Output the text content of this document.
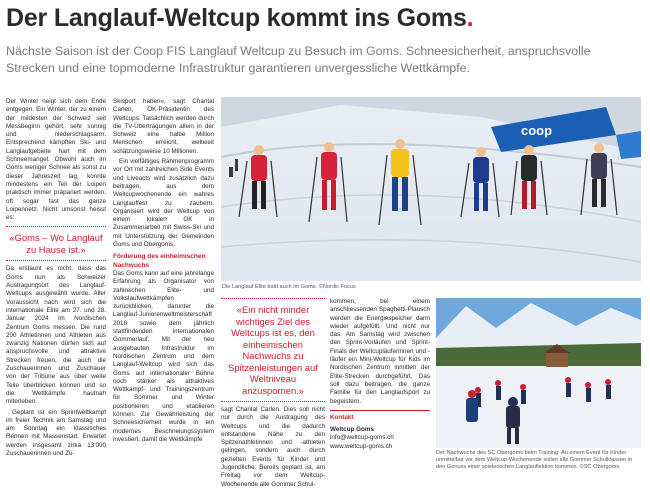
Der Langlauf-Weltcup kommt ins Goms.
Nächste Saison ist der Coop FIS Langlauf Weltcup zu Besuch im Goms. Schneesicherheit, anspruchsvolle Strecken und eine topmoderne Infrastruktur garantieren unvergessliche Wettkämpfe.

Der Winter neigt sich dem Ende entgegen. Ein Winter, der zu einem der mildesten der Schweiz seit Messbeginn gehört, sehr sonnig und niederschlagsarm. Entsprechend kämpften Ski- und Langlaufgebiete hart mit dem Schneemangel. Obwohl auch im Goms weniger Schnee als sonst zu dieser Jahreszeit lag, konnte mindestens ein Teil der Loipen praktisch immer präpariert werden, oft sogar fast das ganze Loipennetz. Nicht umsonst heisst es:

«Goms – Wo Langlauf zu Hause ist.»

Da erstaunt es nicht, dass das Goms nun als Schweizer Austragungsort des Langlauf-Weltcups ausgewählt wurde. Aller Voraussicht nach wird sich die internationale Elite am 27. und 28. Januar 2024 im Nordischen Zentrum Goms messen. Die rund 200 Athletinnen und Athleten aus zwanzig Nationen dürfen sich auf anspruchsvolle und attraktive Strecken freuen, die auch die Zuschauerinnen und Zuschauer von der Tribüne aus über weite Teile überblicken können und so die Wettkämpfe hautnah miterleben.

Geplant ist ein Sprintwettkampf im freier Technik am Samstag und am Sonntag ein klassisches Rennen mit Massenstart. Erwartet werden insgesamt zirka 13'000 Zuschauerinnen und Zu-

Skisport haben», sagt Chantal Carlen, OK-Präsidentin des Weltcups. Tatsächlich werden durch die TV-Übertragungen allein in der Schweiz eine halbe Million Menschen erreicht, weltweit schätzungsweise 10 Millionen.

Ein vielfältiges Rahmenprogramm vor Ort mit zahlreichen Side Events und Liveacts wird zusätzlich dazu beitragen, aus dem Weltcupwochenende ein wahres Langlauffest zu zaubern. Organisiert wird der Weltcup von einem lokalen OK in Zusammenarbeit mit Swiss-Ski und mit Unterstützung der Gemeinden Goms und Obergoms.

Förderung des einheimischen Nachwuchs

Das Goms kann auf eine jahrelange Erfahrung als Organisator von zahlreichen Elite- und Volkslaufwettkämpfen zurückblicken, darunter die Langlauf-Juniorenweltmeisterschaft 2018 sowie dem jährlich stattfindenden internationalen Gommerlauf. Mit der neu ausgebauten Infrastruktur im Nordischen Zentrum und dem Langlauf-Weltcup wird sich das Goms auf internationaler Bühne noch stärker als attraktives Wettkampf- und Trainingszentrum für Sommer und Winter positionieren und etablieren können. Zur Gewährleistung der Schneesicherheit wurde in ein modernes Beschneiungssystem investiert, damit die Wettkämpfe

coop
Die Langlauf Elite bald auch im Goms. ©Nordic Focus
«Ein nicht minder wichtiges Ziel des Weltcups ist es, den einheimischen Nachwuchs zu Spitzenleistungen auf Weltniveau anzuspornen.»

sagt Chantal Carlen. Dies soll nicht nur durch die Austragung des Weltcups und die dadurch entstandene Nähe zu den Spitzenathletinnen und -athleten gelingen, sondern auch durch gezielten Events für Kinder und Jugendliche. Bereits geplant ist, am Freitag vor dem Weltcup-Wochenende alle Gommer Schul-

kommen, bei einem anschliessenden Spaghetti-Plausch werden die Energiespeicher dann wieder aufgefüllt. Und nicht nur das: Am Samstag wird zwischen den Sprint-Vorläufen und Sprint-Finals der Weltcupläuferinnen und -läufer ein Mini-Weltcup für Kids im Nordischen Zentrum inmitten der Elite-Strecken durchgeführt. Das soll dazu beitragen, die ganze Familie für den Langlaufsport zu begeistern.

Kontakt
Weltcup Goms
info@weltcup-goms.ch
www.weltcup-goms.ch
Der Nachwuchs des SC Obergoms beim Training: An einem Event für Kinder unmittelbar vor dem Weltcup-Wochenende sollen alle Gommer Schulklassen in den Genuss einer spielerischen Langlaufiektion kommen. ©SC Obergoms
